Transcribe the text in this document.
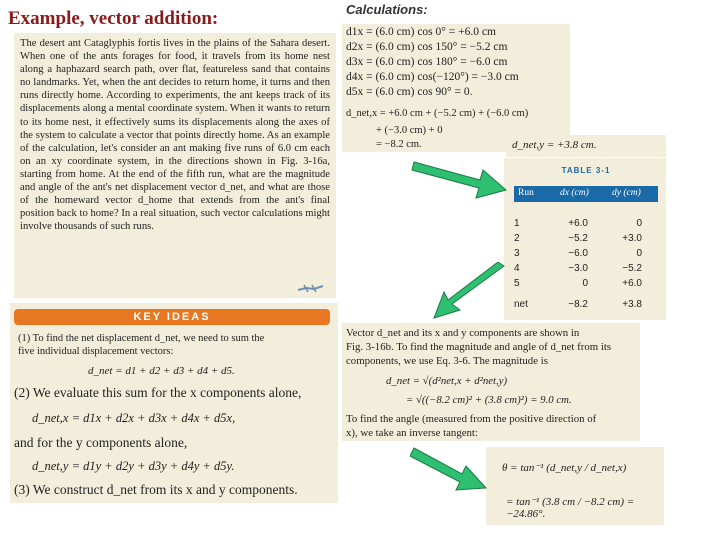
Example, vector addition:

The desert ant Cataglyphis fortis lives in the plains of the Sahara desert. When one of the ants forages for food, it travels from its home nest along a haphazard search path, over flat, featureless sand that contains no landmarks. Yet, when the ant decides to return home, it turns and then runs directly home. According to experiments, the ant keeps track of its displacements along a mental coordinate system. When it wants to return to its home nest, it effectively sums its displacements along the axes of the system to calculate a vector that points directly home. As an example of the calculation, let's consider an ant making five runs of 6.0 cm each on an xy coordinate system, in the directions shown in Fig. 3-16a, starting from home. At the end of the fifth run, what are the magnitude and angle of the ant's net displacement vector d_net, and what are those of the homeward vector d_home that extends from the ant's final position back to home? In a real situation, such vector calculations might involve thousands of such runs.

KEY IDEAS
(1) To find the net displacement d_net, we need to sum the
five individual displacement vectors:
d_net = d1 + d2 + d3 + d4 + d5.
(2) We evaluate this sum for the x components alone,
d_net,x = d1x + d2x + d3x + d4x + d5x,
and for the y components alone,
d_net,y = d1y + d2y + d3y + d4y + d5y.
(3) We construct d_net from its x and y components.
Calculations:
d1x = (6.0 cm) cos 0° = +6.0 cm
d2x = (6.0 cm) cos 150° = −5.2 cm
d3x = (6.0 cm) cos 180° = −6.0 cm
d4x = (6.0 cm) cos(−120°) = −3.0 cm
d5x = (6.0 cm) cos 90° = 0.
d_net,x = +6.0 cm + (−5.2 cm) + (−6.0 cm)
+ (−3.0 cm) + 0
= −8.2 cm.	d_net,y = +3.8 cm.
TABLE 3-1
Run	dx (cm) dy (cm)
1	+6.0	0
2	−5.2	+3.0
3	−6.0	0
4	−3.0	−5.2
5	0	+6.0
net	−8.2	+3.8
Vector d_net and its x and y components are shown in
Fig. 3-16b. To find the magnitude and angle of d_net from its
components, we use Eq. 3-6. The magnitude is
d_net = √(d²net,x + d²net,y)
= √((−8.2 cm)² + (3.8 cm)²) = 9.0 cm.
To find the angle (measured from the positive direction of
x), we take an inverse tangent:
θ = tan⁻¹ (d_net,y / d_net,x)
= tan⁻¹ (3.8 cm / −8.2 cm) = −24.86°.
